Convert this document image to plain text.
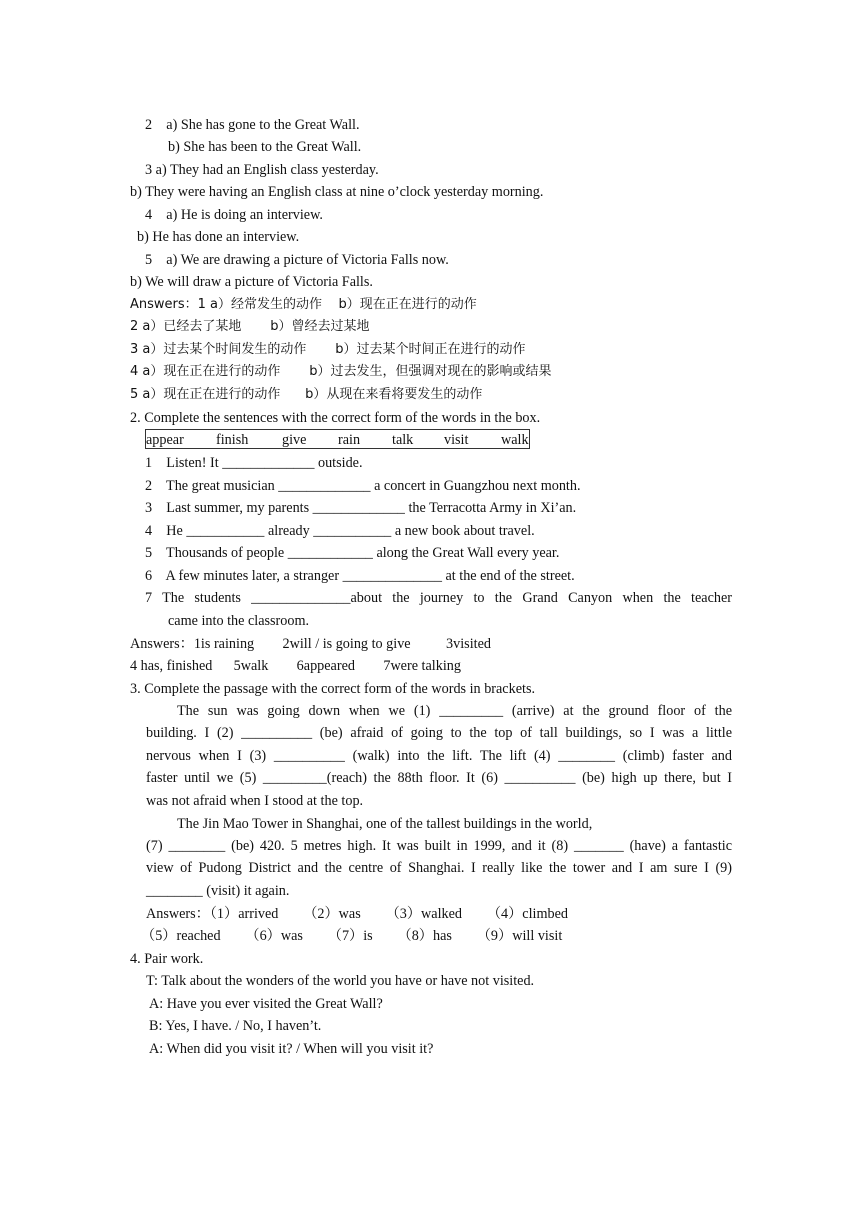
2    a) She has gone to the Great Wall.
b) She has been to the Great Wall.
3 a) They had an English class yesterday.
b) They were having an English class at nine o’clock yesterday morning.
4    a) He is doing an interview.
b) He has done an interview.
5    a) We are drawing a picture of Victoria Falls now.
b) We will draw a picture of Victoria Falls.
Answers：1 a）经常发生的动作    b）现在正在进行的动作
2 a）已经去了某地       b）曾经去过某地
3 a）过去某个时间发生的动作       b）过去某个时间正在进行的动作
4 a）现在正在进行的动作       b）过去发生，但强调对现在的影响或结果
5 a）现在正在进行的动作      b）从现在来看将要发生的动作
2. Complete the sentences with the correct form of the words in the box.
appear finish give rain talk visit walk
1    Listen! It _____________ outside.
2    The great musician _____________ a concert in Guangzhou next month.
3    Last summer, my parents _____________ the Terracotta Army in Xi’an.
4    He ___________ already ___________ a new book about travel.
5    Thousands of people ____________ along the Great Wall every year.
6    A few minutes later, a stranger ______________ at the end of the street.
7 The students ______________about the journey to the Grand Canyon when the teacher
came into the classroom.
Answers：1is raining        2will / is going to give          3visited
4 has, finished      5walk        6appeared        7were talking
3. Complete the passage with the correct form of the words in brackets.
The sun was going down when we (1) _________ (arrive) at the ground floor of the
building. I (2) __________ (be) afraid of going to the top of tall buildings, so I was a little
nervous when I (3) __________ (walk) into the lift. The lift (4) ________ (climb) faster and
faster until we (5) _________(reach) the 88th floor. It (6) __________ (be) high up there, but I
was not afraid when I stood at the top.
The Jin Mao Tower in Shanghai, one of the tallest buildings in the world,
(7) ________ (be) 420. 5 metres high. It was built in 1999, and it (8) _______ (have) a fantastic
view of Pudong District and the centre of Shanghai. I really like the tower and I am sure I (9)
________ (visit) it again.
Answers：（1）arrived       （2）was       （3）walked       （4）climbed
（5）reached       （6）was       （7）is       （8）has       （9）will visit
4. Pair work.
T: Talk about the wonders of the world you have or have not visited.
A: Have you ever visited the Great Wall?
B: Yes, I have. / No, I haven’t.
A: When did you visit it? / When will you visit it?
